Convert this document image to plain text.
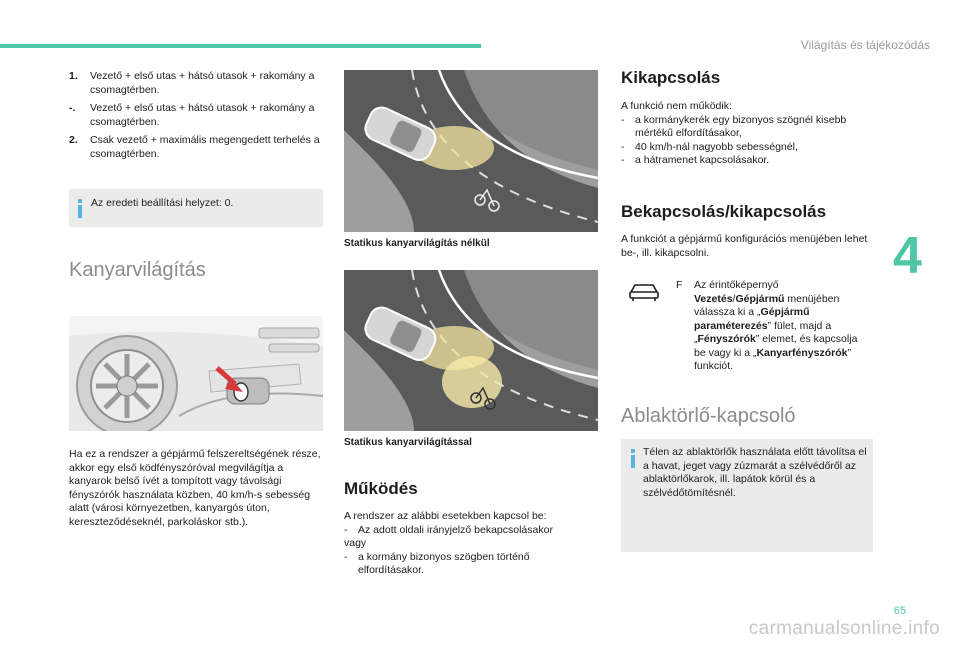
Világítás és tájékozódás
4
1. Vezető + első utas + hátsó utasok + rakomány a csomagtérben.
-. Vezető + első utas + hátsó utasok + rakomány a csomagtérben.
2. Csak vezető + maximális megengedett terhelés a csomagtérben.
Az eredeti beállítási helyzet: 0.
Kanyarvilágítás
Ha ez a rendszer a gépjármű felszereltségének része, akkor egy első ködfényszóróval megvilágítja a kanyarok belső ívét a tompított vagy távolsági fényszórók használata közben, 40 km/h-s sebesség alatt (városi környezetben, kanyargós úton, kereszteződéseknél, parkoláskor stb.).
Statikus kanyarvilágítás nélkül
Statikus kanyarvilágítással
Működés
A rendszer az alábbi esetekben kapcsol be:
- Az adott oldali irányjelző bekapcsolásakor
vagy
- a kormány bizonyos szögben történő elfordításakor.
Kikapcsolás
A funkció nem működik:
- a kormánykerék egy bizonyos szögnél kisebb mértékű elfordításakor,
- 40 km/h-nál nagyobb sebességnél,
- a hátramenet kapcsolásakor.
Bekapcsolás/kikapcsolás
A funkciót a gépjármű konfigurációs menüjében lehet be-, ill. kikapcsolni.
F Az érintőképernyő Vezetés/Gépjármű menüjében válassza ki a „Gépjármű paraméterezés” fület, majd a „Fényszórók” elemet, és kapcsolja be vagy ki a „Kanyarfényszórók” funkciót.
Ablaktörlő-kapcsoló
Télen az ablaktörlők használata előtt távolítsa el a havat, jeget vagy zúzmarát a szélvédőről az ablaktörlőkarok, ill. lapátok körül és a szélvédőtömítésnél.
65
carmanualsonline.info
